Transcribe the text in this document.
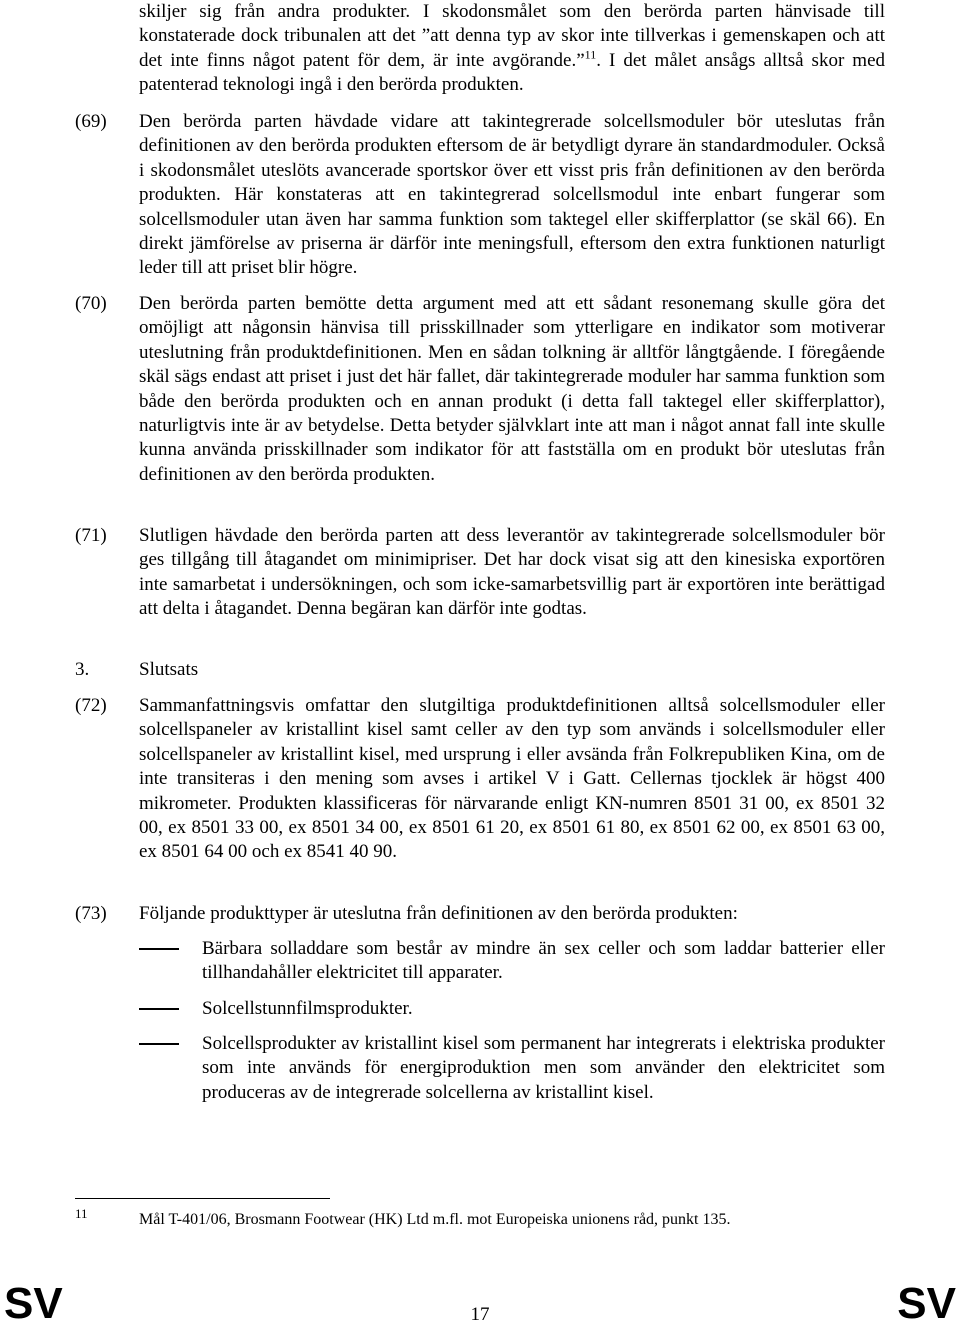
skiljer sig från andra produkter. I skodonsmålet som den berörda parten hänvisade till konstaterade dock tribunalen att det ”att denna typ av skor inte tillverkas i gemenskapen och att det inte finns något patent för dem, är inte avgörande.”$^{11}$. I det målet ansågs alltså skor med patenterad teknologi ingå i den berörda produkten.
(69)	Den berörda parten hävdade vidare att takintegrerade solcellsmoduler bör uteslutas från definitionen av den berörda produkten eftersom de är betydligt dyrare än standardmoduler. Också i skodonsmålet uteslöts avancerade sportskor över ett visst pris från definitionen av den berörda produkten. Här konstateras att en takintegrerad solcellsmodul inte enbart fungerar som solcellsmoduler utan även har samma funktion som taktegel eller skifferplattor (se skäl 66). En direkt jämförelse av priserna är därför inte meningsfull, eftersom den extra funktionen naturligt leder till att priset blir högre.
(70)	Den berörda parten bemötte detta argument med att ett sådant resonemang skulle göra det omöjligt att någonsin hänvisa till prisskillnader som ytterligare en indikator som motiverar uteslutning från produktdefinitionen. Men en sådan tolkning är alltför långtgående. I föregående skäl sägs endast att priset i just det här fallet, där takintegrerade moduler har samma funktion som både den berörda produkten och en annan produkt (i detta fall taktegel eller skifferplattor), naturligtvis inte är av betydelse. Detta betyder självklart inte att man i något annat fall inte skulle kunna använda prisskillnader som indikator för att fastställa om en produkt bör uteslutas från definitionen av den berörda produkten.
(71)	Slutligen hävdade den berörda parten att dess leverantör av takintegrerade solcellsmoduler bör ges tillgång till åtagandet om minimipriser. Det har dock visat sig att den kinesiska exportören inte samarbetat i undersökningen, och som icke-samarbetsvillig part är exportören inte berättigad att delta i åtagandet. Denna begäran kan därför inte godtas.
3.	Slutsats
(72)	Sammanfattningsvis omfattar den slutgiltiga produktdefinitionen alltså solcellsmoduler eller solcellspaneler av kristallint kisel samt celler av den typ som används i solcellsmoduler eller solcellspaneler av kristallint kisel, med ursprung i eller avsända från Folkrepubliken Kina, om de inte transiteras i den mening som avses i artikel V i Gatt. Cellernas tjocklek är högst 400 mikrometer. Produkten klassificeras för närvarande enligt KN-numren 8501 31 00, ex 8501 32 00, ex 8501 33 00, ex 8501 34 00, ex 8501 61 20, ex 8501 61 80, ex 8501 62 00, ex 8501 63 00, ex 8501 64 00 och ex 8541 40 90.
(73)	Följande produkttyper är uteslutna från definitionen av den berörda produkten:
Bärbara solladdare som består av mindre än sex celler och som laddar batterier eller tillhandahåller elektricitet till apparater.
Solcellstunnfilmsprodukter.
Solcellsprodukter av kristallint kisel som permanent har integrerats i elektriska produkter som inte används för energiproduktion men som använder den elektricitet som produceras av de integrerade solcellerna av kristallint kisel.
11	Mål T-401/06, Brosmann Footwear (HK) Ltd m.fl. mot Europeiska unionens råd, punkt 135.
SV	17	SV
